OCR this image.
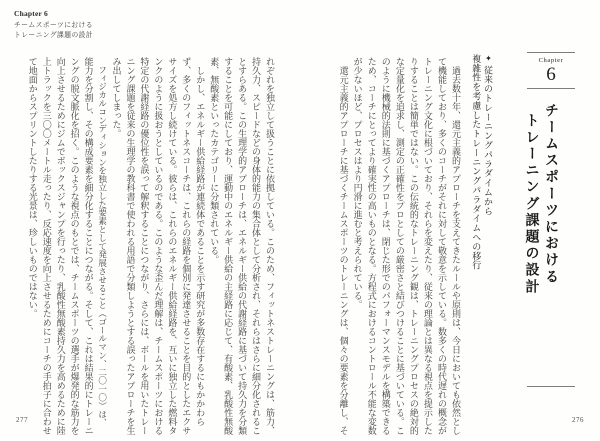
Chapter 6
チームスポーツにおける
トレーニング課題の設計
れぞれを独立して扱うことに依拠している。このため、フィットネストレーニングは、筋力、
持久力、スピードなどの身体的能力の集合体として分析され、それらはさらに細分化されるこ
とすらある。この生理学的アプローチは、エネルギー供給の代謝経路に基づいて持久力を分類
することを可能にしており、運動中のエネルギー供給の主経路に応じて、有酸素、乳酸性無酸
素、無酸素といったカテゴリーに分類されている。
　しかし、エネルギー供給経路が連続体であることを示す研究が多数存在するにもかかわら
ず、多くのフィットネスコーチは、これらの経路を個別に発達させることを目的としたエクサ
サイズを処方し続けている。彼らは、これらのエネルギー供給経路を、互いに独立した燃料タ
ンクのように扱おうとしているのである。このような歪んだ理解は、チームスポーツにおける
特定の代謝経路の優位性を誤って解釈することにつながり、さらには、ボールを用いたトレー
ニング課題を従来の生理学の教科書で使われる用語で分類しようとする誤ったアプローチを生
み出してしまった。
　フィジカルコンディションを独立した要素として発展させること（ゴールマン、二〇一〇）は、
能力を分割し、その構成要素を細分化することにつながる。そして、これは結果的にトレーニ
ングの脱文脈化を招く。このような視点のもとでは、チームスポーツの選手が爆発的な筋力を
向上させるためにジムでボックスジャンプを行ったり、乳酸性無酸素持久力を高めるために陸
上トラックを三〇〇メートル走ったり、反応速度を向上させるためにコーチの手拍子に合わせ
て地面からスプリントしたりする光景は、珍しいものではない。
277
Chapter
6
チームスポーツにおける
トレーニング課題の設計
✦従来のトレーニングパラダイムから
複雑性を考慮したトレーニングパラダイムへの移行
　過去数十年、還元主義的アプローチを支えてきたルールや原則は、今日においても依然とし
て機能しており、多くのコーチがそれに対して敬意を示している。数多くの時代遅れの概念が
トレーニング文化に根づいており、それらを変えたり、従来の理論とは異なる視点を提示した
りすることは簡単ではない。この伝統的なトレーニング観は、トレーニングプロセスの絶対的
な定量化を追求し、測定の正確性をプロとしての厳密さと結びつけることに基づいている。こ
のように機械的法則に基づくアプローチは、閉じた形でのパフォーマンスモデルを構築できる
ため、コーチにとってより確実性の高いものとなる。方程式におけるコントロール不能な変数
が少ないほど、プロセスはより円滑に進むと考えられている。
　還元主義的アプローチに基づくチームスポーツのトレーニングは、個々の要素を分離し、そ	276
